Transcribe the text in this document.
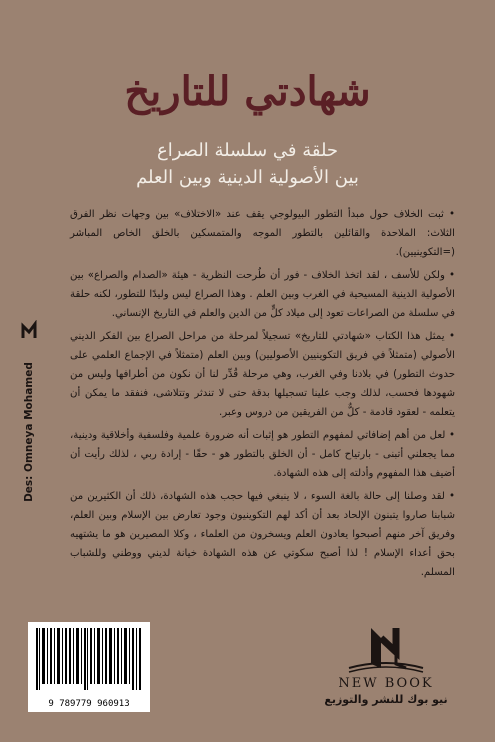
شهادتي للتاريخ
حلقة في سلسلة الصراع
بين الأصولية الدينية وبين العلم

• ثبت الخلاف حول مبدأ التطور البيولوجي يقف عند «الاختلاف» بين وجهات نظر الفرق الثلاث: الملاحدة والقائلين بالتطور الموجه والمتمسكين بالخلق الخاص المباشر (=التكوينيين).

• ولكن للأسف ، لقد اتخذ الخلاف - فور أن طُرحت النظرية - هيئة «الصدام والصراع» بين الأصولية الدينية المسيحية في الغرب وبين العلم . وهذا الصراع ليس وليدًا للتطور، لكنه حلقة في سلسلة من الصراعات تعود إلى ميلاد كلٍّ من الدين والعلم في التاريخ الإنساني.

• يمثل هذا الكتاب «شهادتي للتاريخ» تسجيلاً لمرحلة من مراحل الصراع بين الفكر الديني الأصولي (متمثلاً في فريق التكوينيين الأصوليين) وبين العلم (متمثلاً في الإجماع العلمي على حدوث التطور) في بلادنا وفي الغرب، وهي مرحلة قُدِّر لنا أن نكون من أطرافها وليس من شهودها فحسب، لذلك وجب علينا تسجيلها بدقة حتى لا تندثر وتتلاشى، فنفقد ما يمكن أن يتعلمه - لعقود قادمة - كلٌّ من الفريقين من دروس وعبر.

• لعل من أهم إضافاتي لمفهوم التطور هو إثبات أنه ضرورة علمية وفلسفية وأخلاقية ودينية، مما يجعلني أتبنى - بارتياح كامل - أن الخلق بالتطور هو - حقًا - إرادة ربي ، لذلك رأيت أن أضيف هذا المفهوم وأدلته إلى هذه الشهادة.

• لقد وصلنا إلى حالة بالغة السوء ، لا ينبغي فيها حجب هذه الشهادة، ذلك أن الكثيرين من شبابنا صاروا يتبنون الإلحاد بعد أن أكد لهم التكوينيون وجود تعارض بين الإسلام وبين العلم، وفريق آخر منهم أصبحوا يعادون العلم ويسخرون من العلماء ، وكلا المصيرين هو ما يشتهيه بحق أعداء الإسلام ! لذا أصبح سكوتي عن هذه الشهادة خيانة لديني ووطني وللشباب المسلم.

Des: Omneya Mohamed
9 789779 960913
NEW BOOK
نيو بوك للنشر والتوزيع
